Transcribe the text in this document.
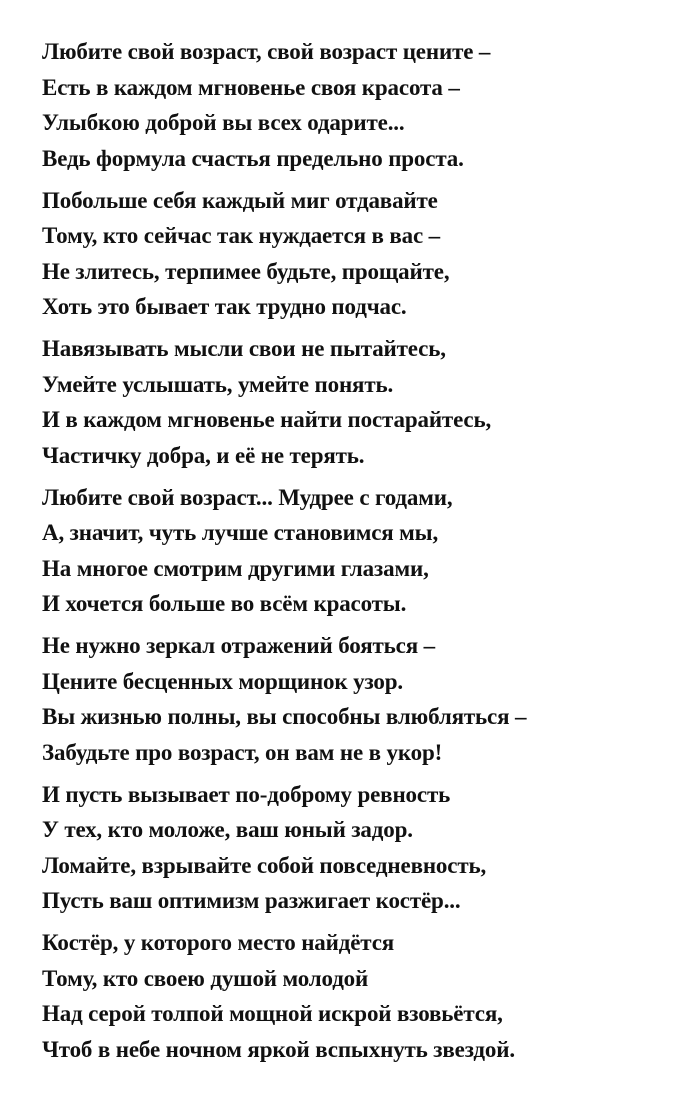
Любите свой возраст, свой возраст цените –
Есть в каждом мгновенье своя красота –
Улыбкою доброй вы всех одарите...
Ведь формула счастья предельно проста.
Побольше себя каждый миг отдавайте
Тому, кто сейчас так нуждается в вас –
Не злитесь, терпимее будьте, прощайте,
Хоть это бывает так трудно подчас.
Навязывать мысли свои не пытайтесь,
Умейте услышать, умейте понять.
И в каждом мгновенье найти постарайтесь,
Частичку добра, и её не терять.
Любите свой возраст... Мудрее с годами,
А, значит, чуть лучше становимся мы,
На многое смотрим другими глазами,
И хочется больше во всём красоты.
Не нужно зеркал отражений бояться –
Цените бесценных морщинок узор.
Вы жизнью полны, вы способны влюбляться –
Забудьте про возраст, он вам не в укор!
И пусть вызывает по-доброму ревность
У тех, кто моложе, ваш юный задор.
Ломайте, взрывайте собой повседневность,
Пусть ваш оптимизм разжигает костёр...
Костёр, у которого место найдётся
Тому, кто своею душой молодой
Над серой толпой мощной искрой взовьётся,
Чтоб в небе ночном яркой вспыхнуть звездой.
